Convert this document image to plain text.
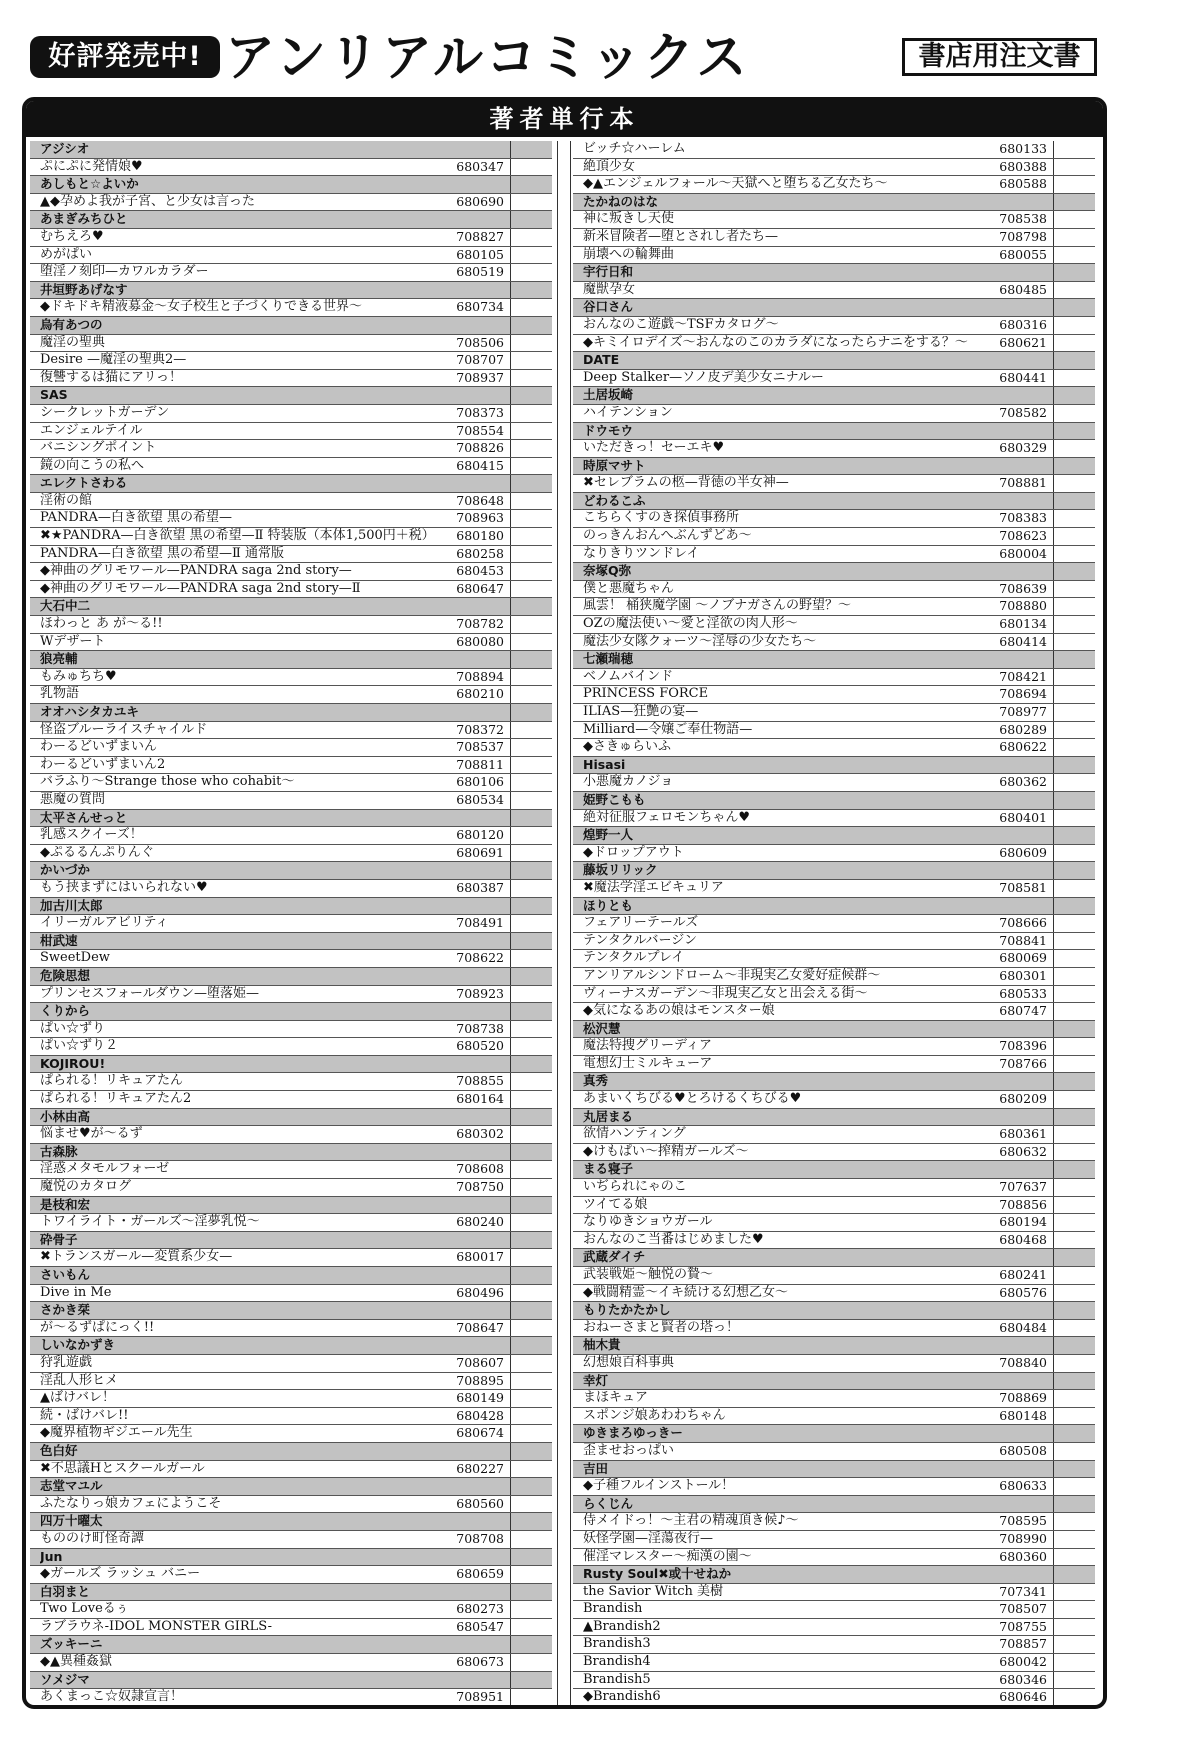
好評発売中! アンリアルコミックス	書店用注文書
著者単行本
アジシオ
ぷにぷに発情娘♥	680347
あしもと☆よいか
▲◆孕めよ我が子宮、と少女は言った	680690
あまぎみちひと
むちえろ♥	708827
めがぱい	680105
堕淫ノ刻印—カワルカラダー	680519
井垣野あげなす
◆ドキドキ精液募金〜女子校生と子づくりできる世界〜	680734
烏有あつの
魔淫の聖典	708506
Desire —魔淫の聖典2—	708707
復讐するは猫にアリっ！	708937
SAS
シークレットガーデン	708373
エンジェルテイル	708554
バニシングポイント	708826
鏡の向こうの私へ	680415
エレクトさわる
淫術の館	708648
PANDRA—白き欲望 黒の希望—	708963
✖★PANDRA—白き欲望 黒の希望—Ⅱ 特装版（本体1,500円＋税） 680180
PANDRA—白き欲望 黒の希望—Ⅱ 通常版	680258
◆神曲のグリモワール—PANDRA saga 2nd story—	680453
◆神曲のグリモワール—PANDRA saga 2nd story—Ⅱ	680647
大石中二
ほわっと あ が〜る!!	708782
Wデザート	680080
狼亮輔
もみゅちち♥	708894
乳物語	680210
オオハシタカユキ
怪盗ブルーライスチャイルド	708372
わーるどいずまいん	708537
わーるどいずまいん2	708811
バラふり〜Strange those who cohabit〜	680106
悪魔の質問	680534
太平さんせっと
乳感スクイーズ！	680120
◆ぷるるんぷりんぐ	680691
かいづか
もう挟まずにはいられない♥	680387
加古川太郎
イリーガルアビリティ	708491
柑武速
SweetDew	708622
危険思想
プリンセスフォールダウン—堕落姫—	708923
くりから
ぱい☆ずり	708738
ぱい☆ずり２	680520
KOJIROU!
ぱられる！リキュアたん	708855
ぱられる！リキュアたん2	680164
小林由高
悩ませ♥が〜るず	680302
古森脉
淫惑メタモルフォーゼ	708608
魔悦のカタログ	708750
是枝和宏
トワイライト・ガールズ〜淫夢乳悦〜	680240
砕骨子
✖トランスガール—変質系少女—	680017
さいもん
Dive in Me	680496
さかき栞
が〜るずぱにっく!!	708647
しいなかずき
狩乳遊戯	708607
淫乱人形ヒメ	708895
▲ばけバレ！	680149
続・ばけバレ!!	680428
◆魔界植物ギジエール先生	680674
色白好
✖不思議Hとスクールガール	680227
志堂マユル
ふたなりっ娘カフェにようこそ	680560
四万十曜太
もののけ町怪奇譚	708708
Jun
◆ガールズ ラッシュ バニー	680659
白羽まと
Two Loveるぅ	680273
ラブラウネ-IDOL MONSTER GIRLS-	680547
ズッキーニ
◆▲異種姦獄	680673
ソメジマ
あくまっこ☆奴隷宣言！	708951
ビッチ☆ハーレム	680133
絶頂少女	680388
◆▲エンジェルフォール〜天獄へと堕ちる乙女たち〜	680588
たかねのはな
神に叛きし天使	708538
新米冒険者—堕とされし者たち—	708798
崩壊への輪舞曲	680055
宇行日和
魔獣孕女	680485
谷口さん
おんなのこ遊戯〜TSFカタログ〜	680316
◆キミイロデイズ〜おんなのこのカラダになったらナニをする？〜	680621
DATE
Deep Stalker—ソノ皮デ美少女ニナルー	680441
土居坂崎
ハイテンション	708582
ドウモウ
いただきっ！セーエキ♥	680329
時原マサト
✖セレブラムの柩—背徳の半女神—	708881
どわるこふ
こちらくすのき探偵事務所	708383
のっきんおんへぶんずどあ〜	708623
なりきりツンドレイ	680004
奈塚Q弥
僕と悪魔ちゃん	708639
風雲！ 桶狭魔学園 〜ノブナガさんの野望？〜	708880
OZの魔法使い〜愛と淫欲の肉人形〜	680134
魔法少女隊クォーツ〜淫辱の少女たち〜	680414
七瀬瑞穂
ベノムバインド	708421
PRINCESS FORCE	708694
ILIAS—狂艶の宴—	708977
Milliard—令嬢ご奉仕物語—	680289
◆さきゅらいふ	680622
Hisasi
小悪魔カノジョ	680362
姫野こもも
絶対征服フェロモンちゃん♥	680401
煌野一人
◆ドロップアウト	680609
藤坂リリック
✖魔法学淫エビキュリア	708581
ほりとも
フェアリーテールズ	708666
テンタクルバージン	708841
テンタクルプレイ	680069
アンリアルシンドローム〜非現実乙女愛好症候群〜	680301
ヴィーナスガーデン〜非現実乙女と出会える街〜	680533
◆気になるあの娘はモンスター娘	680747
松沢慧
魔法特捜グリーディア	708396
電想幻士ミルキューア	708766
真秀
あまいくちびる♥とろけるくちびる♥	680209
丸居まる
欲情ハンティング	680361
◆けもぱい〜搾精ガールズ〜	680632
まる寝子
いぢられにゃのこ	707637
ツイてる娘	708856
なりゆきショウガール	680194
おんなのこ当番はじめました♥	680468
武蔵ダイチ
武装戦姫〜触悦の贄〜	680241
◆戦闘精霊〜イキ続ける幻想乙女〜	680576
もりたかたかし
おねーさまと賢者の塔っ！	680484
柚木貴
幻想娘百科事典	708840
幸灯
まほキュア	708869
スポンジ娘あわわちゃん	680148
ゆきまろゆっきー
歪ませおっぱい	680508
吉田
◆子種フルインストール！	680633
らくじん
侍メイドっ！〜主君の精魂頂き候♪〜	708595
妖怪学園—淫蕩夜行—	708990
催淫マレスター〜痴漢の園〜	680360
Rusty Soul✖或十せねか
the Savior Witch 美樹	707341
Brandish	708507
▲Brandish2	708755
Brandish3	708857
Brandish4	680042
Brandish5	680346
◆Brandish6	680646
